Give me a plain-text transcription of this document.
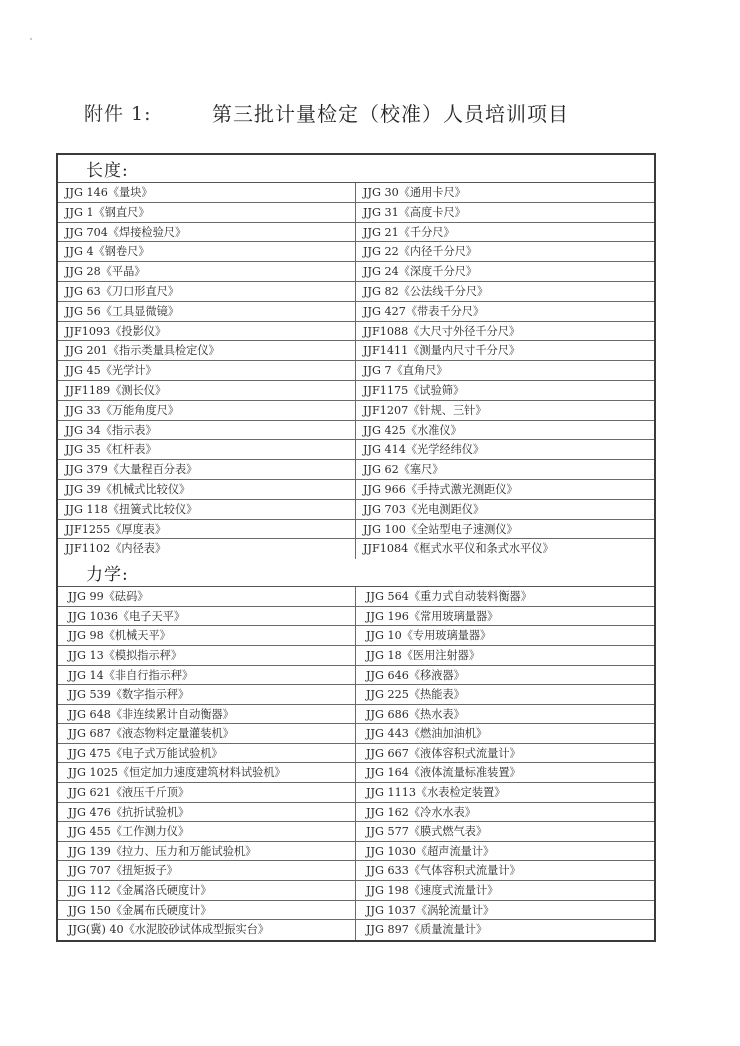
附件 1:	第三批计量检定（校准）人员培训项目
长度:
JJG 146《量块》	JJG 30《通用卡尺》
JJG 1《钢直尺》	JJG 31《高度卡尺》
JJG 704《焊接检验尺》	JJG 21《千分尺》
JJG 4《钢卷尺》	JJG 22《内径千分尺》
JJG 28《平晶》	JJG 24《深度千分尺》
JJG 63《刀口形直尺》	JJG 82《公法线千分尺》
JJG 56《工具显微镜》	JJG 427《带表千分尺》
JJF1093《投影仪》	JJF1088《大尺寸外径千分尺》
JJG 201《指示类量具检定仪》	JJF1411《测量内尺寸千分尺》
JJG 45《光学计》	JJG 7《直角尺》
JJF1189《测长仪》	JJF1175《试验筛》
JJG 33《万能角度尺》	JJF1207《针规、三针》
JJG 34《指示表》	JJG 425《水准仪》
JJG 35《杠杆表》	JJG 414《光学经纬仪》
JJG 379《大量程百分表》	JJG 62《塞尺》
JJG 39《机械式比较仪》	JJG 966《手持式激光测距仪》
JJG 118《扭簧式比较仪》	JJG 703《光电测距仪》
JJF1255《厚度表》	JJG 100《全站型电子速测仪》
JJF1102《内径表》	JJF1084《框式水平仪和条式水平仪》
力学:
JJG 99《砝码》	JJG 564《重力式自动装料衡器》
JJG 1036《电子天平》	JJG 196《常用玻璃量器》
JJG 98《机械天平》	JJG 10《专用玻璃量器》
JJG 13《模拟指示秤》	JJG 18《医用注射器》
JJG 14《非自行指示秤》	JJG 646《移液器》
JJG 539《数字指示秤》	JJG 225《热能表》
JJG 648《非连续累计自动衡器》	JJG 686《热水表》
JJG 687《液态物料定量灌装机》	JJG 443《燃油加油机》
JJG 475《电子式万能试验机》	JJG 667《液体容积式流量计》
JJG 1025《恒定加力速度建筑材料试验机》	JJG 164《液体流量标准装置》
JJG 621《液压千斤顶》	JJG 1113《水表检定装置》
JJG 476《抗折试验机》	JJG 162《冷水水表》
JJG 455《工作测力仪》	JJG 577《膜式燃气表》
JJG 139《拉力、压力和万能试验机》	JJG 1030《超声流量计》
JJG 707《扭矩扳子》	JJG 633《气体容积式流量计》
JJG 112《金属洛氏硬度计》	JJG 198《速度式流量计》
JJG 150《金属布氏硬度计》	JJG 1037《涡轮流量计》
JJG(冀) 40《水泥胶砂试体成型振实台》	JJG 897《质量流量计》
